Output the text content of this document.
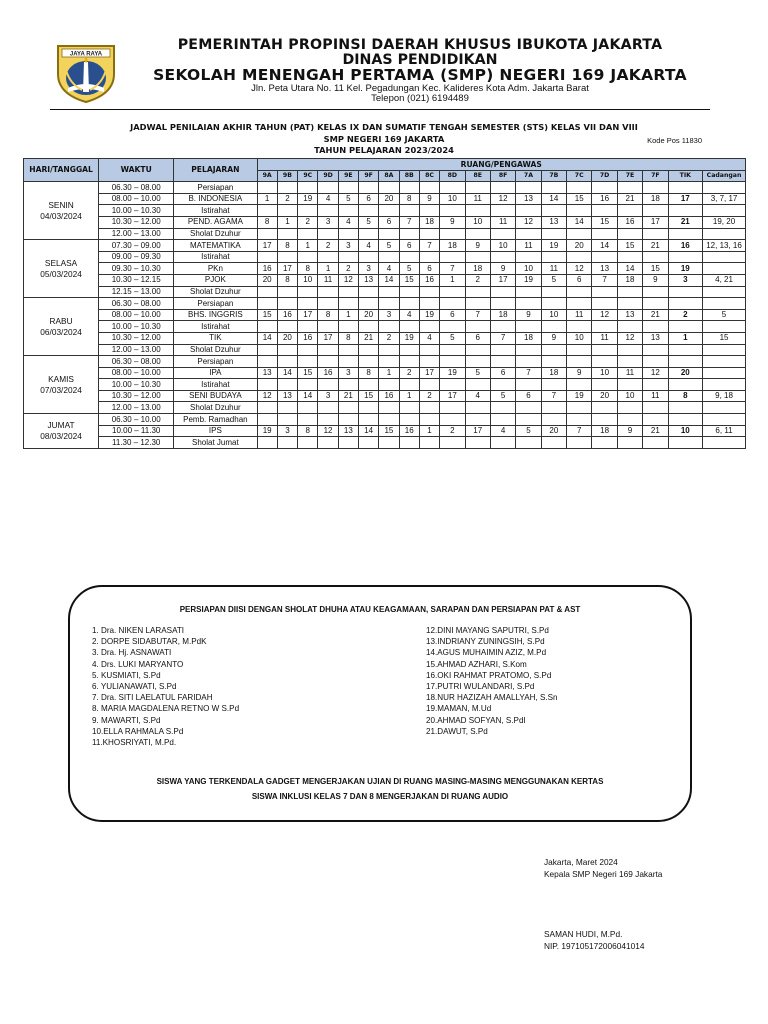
JAYA RAYA
PEMERINTAH PROPINSI DAERAH KHUSUS IBUKOTA JAKARTA
DINAS PENDIDIKAN
SEKOLAH MENENGAH PERTAMA (SMP) NEGERI 169 JAKARTA
Jln. Peta Utara No. 11 Kel. Pegadungan Kec. Kalideres Kota Adm. Jakarta Barat
Telepon (021) 6194489
Kode Pos 11830
JADWAL PENILAIAN AKHIR TAHUN (PAT) KELAS IX DAN SUMATIF TENGAH SEMESTER (STS) KELAS VII DAN VIII
SMP NEGERI 169 JAKARTA
TAHUN PELAJARAN 2023/2024
HARI/TANGGAL	WAKTU	PELAJARAN	RUANG/PENGAWAS																			
			9A	9B	9C	9D	9E	9F	8A	8B	8C	8D	8E	8F	7A	7B	7C	7D	7E	7F	TIK	Cadangan

SENIN
04/03/2024	06.30 – 08.00	Persiapan																				
	08.00 – 10.00	B. INDONESIA	1	2	19	4	5	6	20	8	9	10	11	12	13	14	15	16	21	18	17	3, 7, 17
	10.00 – 10.30	Istirahat																				
	10.30 – 12.00	PEND. AGAMA	8	1	2	3	4	5	6	7	18	9	10	11	12	13	14	15	16	17	21	19, 20
	12.00 – 13.00	Sholat Dzuhur																				

SELASA
05/03/2024	07.30 – 09.00	MATEMATIKA	17	8	1	2	3	4	5	6	7	18	9	10	11	19	20	14	15	21	16	12, 13, 16
	09.00 – 09.30	Istirahat																				
	09.30 – 10.30	PKn	16	17	8	1	2	3	4	5	6	7	18	9	10	11	12	13	14	15	19	
	10.30 – 12.15	PJOK	20	8	10	11	12	13	14	15	16	1	2	17	19	5	6	7	18	9	3	4, 21
	12.15 – 13.00	Sholat Dzuhur																				

RABU
06/03/2024	06.30 – 08.00	Persiapan																				
	08.00 – 10.00	BHS. INGGRIS	15	16	17	8	1	20	3	4	19	6	7	18	9	10	11	12	13	21	2	5
	10.00 – 10.30	Istirahat																				
	10.30 – 12.00	TIK	14	20	16	17	8	21	2	19	4	5	6	7	18	9	10	11	12	13	1	15
	12.00 – 13.00	Sholat Dzuhur																				

KAMIS
07/03/2024	06.30 – 08.00	Persiapan																				
	08.00 – 10.00	IPA	13	14	15	16	3	8	1	2	17	19	5	6	7	18	9	10	11	12	20	
	10.00 – 10.30	Istirahat																				
	10.30 – 12.00	SENI BUDAYA	12	13	14	3	21	15	16	1	2	17	4	5	6	7	19	20	10	11	8	9, 18
	12.00 – 13.00	Sholat Dzuhur																				

JUMAT
08/03/2024	06.30 – 10.00	Pemb. Ramadhan																				
	10.00 – 11.30	IPS	19	3	8	12	13	14	15	16	1	2	17	4	5	20	7	18	9	21	10	6, 11
	11.30 – 12.30	Sholat Jumat																				
PERSIAPAN DIISI DENGAN SHOLAT DHUHA ATAU KEAGAMAAN, SARAPAN DAN PERSIAPAN PAT & AST
1. Dra. NIKEN LARASATI
2. DORPE SIDABUTAR, M.PdK
3. Dra. Hj. ASNAWATI
4. Drs. LUKI MARYANTO
5. KUSMIATI, S.Pd
6. YULIANAWATI, S.Pd
7. Dra. SITI LAELATUL FARIDAH
8. MARIA MAGDALENA RETNO W S.Pd
9. MAWARTI, S.Pd
10.ELLA RAHMALA S.Pd
11.KHOSRIYATI, M.Pd.
12.DINI MAYANG SAPUTRI, S.Pd
13.INDRIANY ZUNINGSIH, S.Pd
14.AGUS MUHAIMIN AZIZ, M.Pd
15.AHMAD AZHARI, S.Kom
16.OKI RAHMAT PRATOMO, S.Pd
17.PUTRI WULANDARI, S.Pd
18.NUR HAZIZAH AMALLYAH, S.Sn
19.MAMAN, M.Ud
20.AHMAD SOFYAN, S.PdI
21.DAWUT, S.Pd
SISWA YANG TERKENDALA GADGET MENGERJAKAN UJIAN DI RUANG MASING-MASING MENGGUNAKAN KERTAS
SISWA INKLUSI KELAS 7 DAN 8 MENGERJAKAN DI RUANG AUDIO
Jakarta, Maret 2024
Kepala SMP Negeri 169 Jakarta
SAMAN HUDI, M.Pd.
NIP. 197105172006041014
